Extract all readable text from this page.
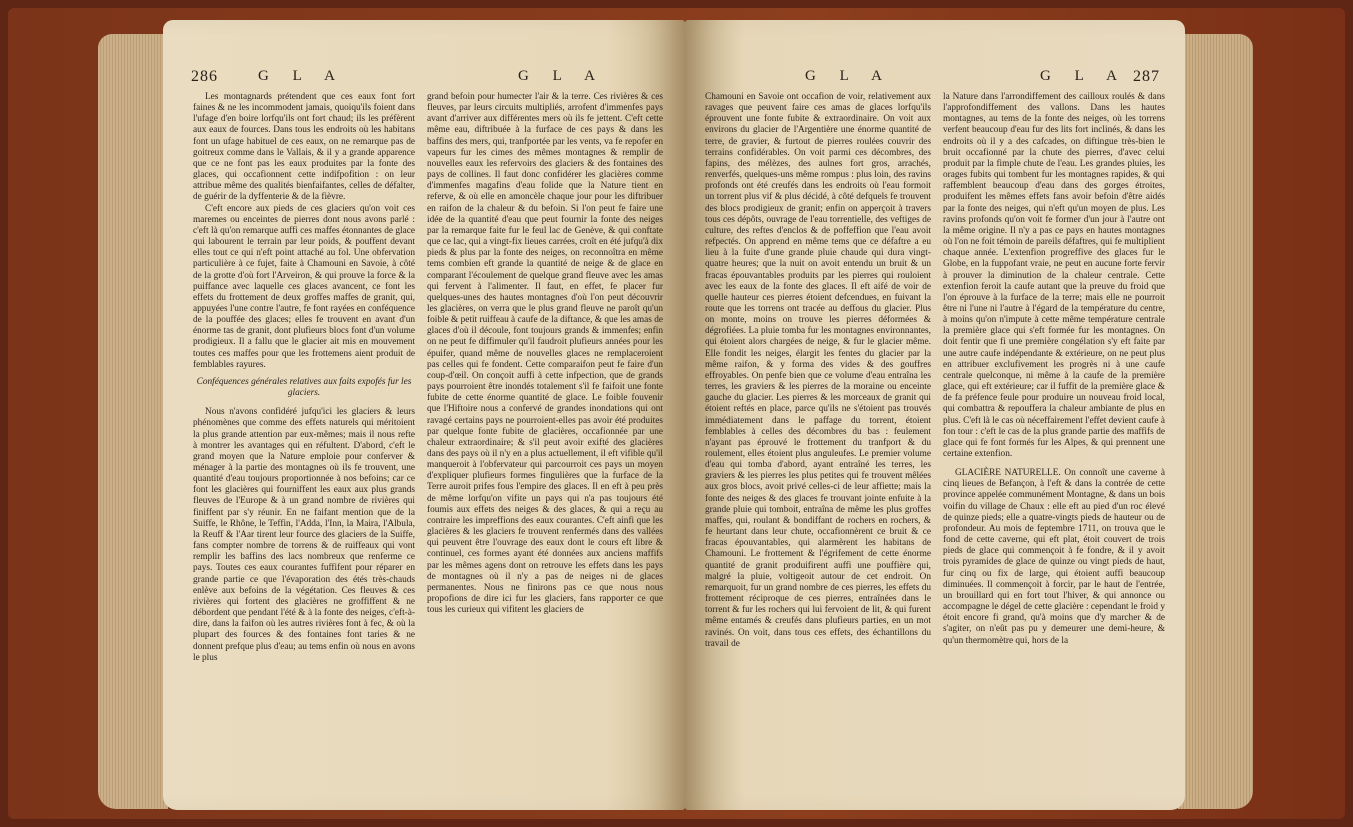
286	G L A	G L A

Les montagnards prétendent que ces eaux font fort faines & ne les incommodent jamais, quoiqu'ils foient dans l'ufage d'en boire lorfqu'ils ont fort chaud; ils les préfèrent aux eaux de fources. Dans tous les endroits où les habitans font un ufage habituel de ces eaux, on ne remarque pas de goitreux comme dans le Vallais, & il y a grande apparence que ce ne font pas les eaux produites par la fonte des glaces, qui occafionnent cette indifpofition : on leur attribue même des qualités bienfaifantes, celles de défalter, de guérir de la dyffenterie & de la fièvre.

C'eft encore aux pieds de ces glaciers qu'on voit ces maremes ou enceintes de pierres dont nous avons parlé : c'eft là qu'on remarque auffi ces maffes étonnantes de glace qui labourent le terrain par leur poids, & pouffent devant elles tout ce qui n'eft point attaché au fol. Une obfervation particulière à ce fujet, faite à Chamouni en Savoie, à côté de la grotte d'où fort l'Arveiron, & qui prouve la force & la puiffance avec laquelle ces glaces avancent, ce font les effets du frottement de deux groffes maffes de granit, qui, appuyées l'une contre l'autre, fe font rayées en conféquence de la pouffée des glaces; elles fe trouvent en avant d'un énorme tas de granit, dont plufieurs blocs font d'un volume prodigieux. Il a fallu que le glacier ait mis en mouvement toutes ces maffes pour que les frottemens aient produit de femblables rayures.

Conféquences générales relatives aux faits expofés fur les glaciers.

Nous n'avons confidéré jufqu'ici les glaciers & leurs phénomènes que comme des effets naturels qui méritoient la plus grande attention par eux-mêmes; mais il nous refte à montrer les avantages qui en réfultent. D'abord, c'eft le grand moyen que la Nature emploie pour conferver & ménager à la partie des montagnes où ils fe trouvent, une quantité d'eau toujours proportionnée à nos befoins; car ce font les glacières qui fourniffent les eaux aux plus grands fleuves de l'Europe & à un grand nombre de rivières qui finiffent par s'y réunir. En ne faifant mention que de la Suiffe, le Rhône, le Teffin, l'Adda, l'Inn, la Maira, l'Albula, la Reuff & l'Aar tirent leur fource des glaciers de la Suiffe, fans compter nombre de torrens & de ruiffeaux qui vont remplir les baffins des lacs nombreux que renferme ce pays. Toutes ces eaux courantes fuffifent pour réparer en grande partie ce que l'évaporation des étés très-chauds enlève aux befoins de la végétation. Ces fleuves & ces rivières qui fortent des glacières ne groffiffent & ne débordent que pendant l'été & à la fonte des neiges, c'eft-à-dire, dans la faifon où les autres rivières font à fec, & où la plupart des fources & des fontaines font taries & ne donnent prefque plus d'eau; au tems enfin où nous en avons le plus

grand befoin pour humecter l'air & la terre. Ces rivières & ces fleuves, par leurs circuits multipliés, arrofent d'immenfes pays avant d'arriver aux différentes mers où ils fe jettent. C'eft cette même eau, diftribuée à la furface de ces pays & dans les baffins des mers, qui, tranfportée par les vents, va fe repofer en vapeurs fur les cimes des mêmes montagnes & remplir de nouvelles eaux les refervoirs des glaciers & des fontaines des pays de collines. Il faut donc confidérer les glacières comme d'immenfes magafins d'eau folide que la Nature tient en referve, & où elle en amoncèle chaque jour pour les diftribuer en raifon de la chaleur & du befoin. Si l'on peut fe faire une idée de la quantité d'eau que peut fournir la fonte des neiges par la remarque faite fur le feul lac de Genève, & qui conftate que ce lac, qui a vingt-fix lieues carrées, croît en été jufqu'à dix pieds & plus par la fonte des neiges, on reconnoîtra en même tems combien eft grande la quantité de neige & de glace en comparant l'écoulement de quelque grand fleuve avec les amas qui fervent à l'alimenter. Il faut, en effet, fe placer fur quelques-unes des hautes montagnes d'où l'on peut découvrir les glacières, on verra que le plus grand fleuve ne paroît qu'un foible & petit ruiffeau à caufe de la diftance, & que les amas de glaces d'où il découle, font toujours grands & immenfes; enfin on ne peut fe diffimuler qu'il faudroit plufieurs années pour les épuifer, quand même de nouvelles glaces ne remplaceroient pas celles qui fe fondent. Cette comparaifon peut fe faire d'un coup-d'œil. On conçoit auffi à cette infpection, que de grands pays pourroient être inondés totalement s'il fe faifoit une fonte fubite de cette énorme quantité de glace. Le foible fouvenir que l'Hiftoire nous a confervé de grandes inondations qui ont ravagé certains pays ne pourroient-elles pas avoir été produites par quelque fonte fubite de glacières, occafionnée par une chaleur extraordinaire; & s'il peut avoir exifté des glacières dans des pays où il n'y en a plus actuellement, il eft vifible qu'il manqueroit à l'obfervateur qui parcourroit ces pays un moyen d'expliquer plufieurs formes fingulières que la furface de la Terre auroit prifes fous l'empire des glaces. Il en eft à peu près de même lorfqu'on vifite un pays qui n'a pas toujours été foumis aux effets des neiges & des glaces, & qui a reçu au contraire les impreffions des eaux courantes. C'eft ainfi que les glacières & les glaciers fe trouvent renfermés dans des vallées qui peuvent être l'ouvrage des eaux dont le cours eft libre & continuel, ces formes ayant été données aux anciens maffifs par les mêmes agens dont on retrouve les effets dans les pays de montagnes où il n'y a pas de neiges ni de glaces permanentes. Nous ne finirons pas ce que nous nous propofions de dire ici fur les glaciers, fans rapporter ce que tous les curieux qui vifitent les glaciers de

G L A	G L A 287

Chamouni en Savoie ont occafion de voir, relativement aux ravages que peuvent faire ces amas de glaces lorfqu'ils éprouvent une fonte fubite & extraordinaire. On voit aux environs du glacier de l'Argentière une énorme quantité de terre, de gravier, & furtout de pierres roulées couvrir des terrains confidérables. On voit parmi ces décombres, des fapins, des mélèzes, des aulnes fort gros, arrachés, renverfés, quelques-uns même rompus : plus loin, des ravins profonds ont été creufés dans les endroits où l'eau formoit un torrent plus vif & plus décidé, à côté defquels fe trouvent des blocs prodigieux de granit; enfin on apperçoit à travers tous ces dépôts, ouvrage de l'eau torrentielle, des veftiges de culture, des reftes d'enclos & de poffeffion que l'eau avoit refpectés. On apprend en même tems que ce défaftre a eu lieu à la fuite d'une grande pluie chaude qui dura vingt-quatre heures; que la nuit on avoit entendu un bruit & un fracas épouvantables produits par les pierres qui rouloient avec les eaux de la fonte des glaces. Il eft aifé de voir de quelle hauteur ces pierres étoient defcendues, en fuivant la route que les torrens ont tracée au deffous du glacier. Plus on monte, moins on trouve les pierres déformées & dégrofiées. La pluie tomba fur les montagnes environnantes, qui étoient alors chargées de neige, & fur le glacier même. Elle fondit les neiges, élargit les fentes du glacier par la même raifon, & y forma des vides & des gouffres effroyables. On penfe bien que ce volume d'eau entraîna les terres, les graviers & les pierres de la moraine ou enceinte gauche du glacier. Les pierres & les morceaux de granit qui étoient reftés en place, parce qu'ils ne s'étoient pas trouvés immédiatement dans le paffage du torrent, étoient femblables à celles des décombres du bas : feulement n'ayant pas éprouvé le frottement du tranfport & du roulement, elles étoient plus anguleufes. Le premier volume d'eau qui tomba d'abord, ayant entraîné les terres, les graviers & les pierres les plus petites qui fe trouvent mêlées aux gros blocs, avoit privé celles-ci de leur affiette; mais la fonte des neiges & des glaces fe trouvant jointe enfuite à la grande pluie qui tomboit, entraîna de même les plus groffes maffes, qui, roulant & bondiffant de rochers en rochers, & fe heurtant dans leur chute, occafionnèrent ce bruit & ce fracas épouvantables, qui alarmèrent les habitans de Chamouni. Le frottement & l'égrifement de cette énorme quantité de granit produifirent auffi une pouffière qui, malgré la pluie, voltigeoit autour de cet endroit. On remarquoit, fur un grand nombre de ces pierres, les effets du frottement réciproque de ces pierres, entraînées dans le torrent & fur les rochers qui lui fervoient de lit, & qui furent même entamés & creufés dans plufieurs parties, en un mot ravinés. On voit, dans tous ces effets, des échantillons du travail de

la Nature dans l'arrondiffement des cailloux roulés & dans l'approfondiffement des vallons. Dans les hautes montagnes, au tems de la fonte des neiges, où les torrens verfent beaucoup d'eau fur des lits fort inclinés, & dans les endroits où il y a des cafcades, on diftingue très-bien le bruit occafionné par la chute des pierres, d'avec celui produit par la fimple chute de l'eau. Les grandes pluies, les orages fubits qui tombent fur les montagnes rapides, & qui raffemblent beaucoup d'eau dans des gorges étroites, produifent les mêmes effets fans avoir befoin d'être aidés par la fonte des neiges, qui n'eft qu'un moyen de plus. Les ravins profonds qu'on voit fe former d'un jour à l'autre ont la même origine. Il n'y a pas ce pays en hautes montagnes où l'on ne foit témoin de pareils défaftres, qui fe multiplient chaque année. L'extenfion progreffive des glaces fur le Globe, en la fuppofant vraie, ne peut en aucune forte fervir à prouver la diminution de la chaleur centrale. Cette extenfion feroit la caufe autant que la preuve du froid que l'on éprouve à la furface de la terre; mais elle ne pourroit être ni l'une ni l'autre à l'égard de la température du centre, à moins qu'on n'impute à cette même température centrale la première glace qui s'eft formée fur les montagnes. On doit fentir que fi une première congélation s'y eft faite par une autre caufe indépendante & extérieure, on ne peut plus en attribuer exclufivement les progrès ni à une caufe centrale quelconque, ni même à la caufe de la première glace, qui eft extérieure; car il fuffit de la première glace & de fa préfence feule pour produire un nouveau froid local, qui combattra & repouffera la chaleur ambiante de plus en plus. C'eft là le cas où néceffairement l'effet devient caufe à fon tour : c'eft le cas de la plus grande partie des maffifs de glace qui fe font formés fur les Alpes, & qui prennent une certaine extenfion.

GLACIÈRE NATURELLE. On connoît une caverne à cinq lieues de Befançon, à l'eft & dans la contrée de cette province appelée communément Montagne, & dans un bois voifin du village de Chaux : elle eft au pied d'un roc élevé de quinze pieds; elle a quatre-vingts pieds de hauteur ou de profondeur. Au mois de feptembre 1711, on trouva que le fond de cette caverne, qui eft plat, étoit couvert de trois pieds de glace qui commençoit à fe fondre, & il y avoit trois pyramides de glace de quinze ou vingt pieds de haut, fur cinq ou fix de large, qui étoient auffi beaucoup diminuées. Il commençoit à forcir, par le haut de l'entrée, un brouillard qui en fort tout l'hiver, & qui annonce ou accompagne le dégel de cette glacière : cependant le froid y étoit encore fi grand, qu'à moins que d'y marcher & de s'agiter, on n'eût pas pu y demeurer une demi-heure, & qu'un thermomètre qui, hors de la
